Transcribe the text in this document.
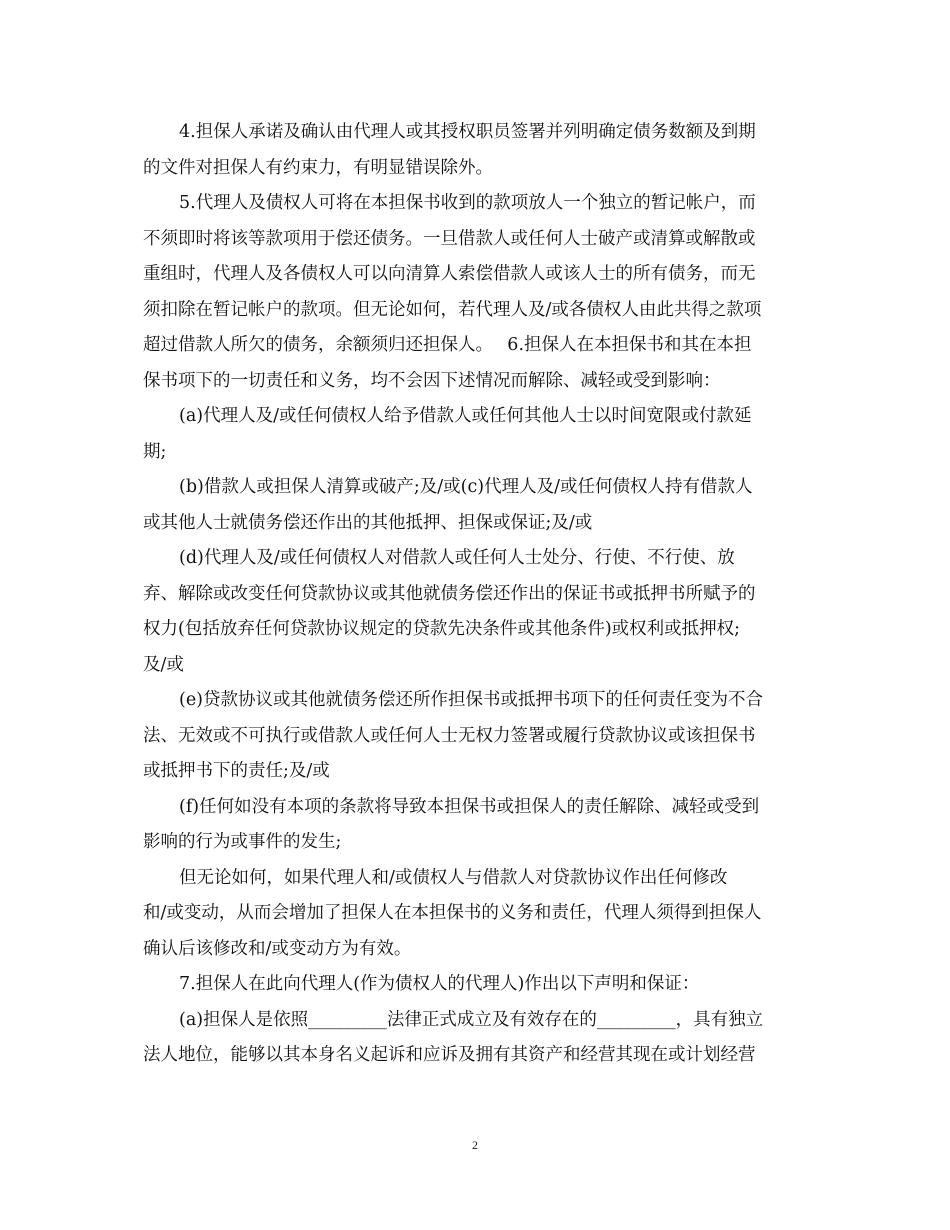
4.担保人承诺及确认由代理人或其授权职员签署并列明确定债务数额及到期
的文件对担保人有约束力，有明显错误除外。
5.代理人及债权人可将在本担保书收到的款项放人一个独立的暂记帐户，而
不须即时将该等款项用于偿还债务。一旦借款人或任何人士破产或清算或解散或
重组时，代理人及各债权人可以向清算人索偿借款人或该人士的所有债务，而无
须扣除在暂记帐户的款项。但无论如何，若代理人及/或各债权人由此共得之款项
超过借款人所欠的债务，余额须归还担保人。　 6.担保人在本担保书和其在本担
保书项下的一切责任和义务，均不会因下述情况而解除、减轻或受到影响：
(a)代理人及/或任何债权人给予借款人或任何其他人士以时间宽限或付款延
期;
(b)借款人或担保人清算或破产;及/或(c)代理人及/或任何债权人持有借款人
或其他人士就债务偿还作出的其他抵押、担保或保证;及/或
(d)代理人及/或任何债权人对借款人或任何人士处分、行使、不行使、放
弃、解除或改变任何贷款协议或其他就债务偿还作出的保证书或抵押书所赋予的
权力(包括放弃任何贷款协议规定的贷款先决条件或其他条件)或权利或抵押权;
及/或
(e)贷款协议或其他就债务偿还所作担保书或抵押书项下的任何责任变为不合
法、无效或不可执行或借款人或任何人士无权力签署或履行贷款协议或该担保书
或抵押书下的责任;及/或
(f)任何如没有本项的条款将导致本担保书或担保人的责任解除、减轻或受到
影响的行为或事件的发生;
但无论如何，如果代理人和/或债权人与借款人对贷款协议作出任何修改
和/或变动，从而会增加了担保人在本担保书的义务和责任，代理人须得到担保人
确认后该修改和/或变动方为有效。
7.担保人在此向代理人(作为债权人的代理人)作出以下声明和保证：
(a)担保人是依照_________法律正式成立及有效存在的_________，具有独立
法人地位，能够以其本身名义起诉和应诉及拥有其资产和经营其现在或计划经营
2
